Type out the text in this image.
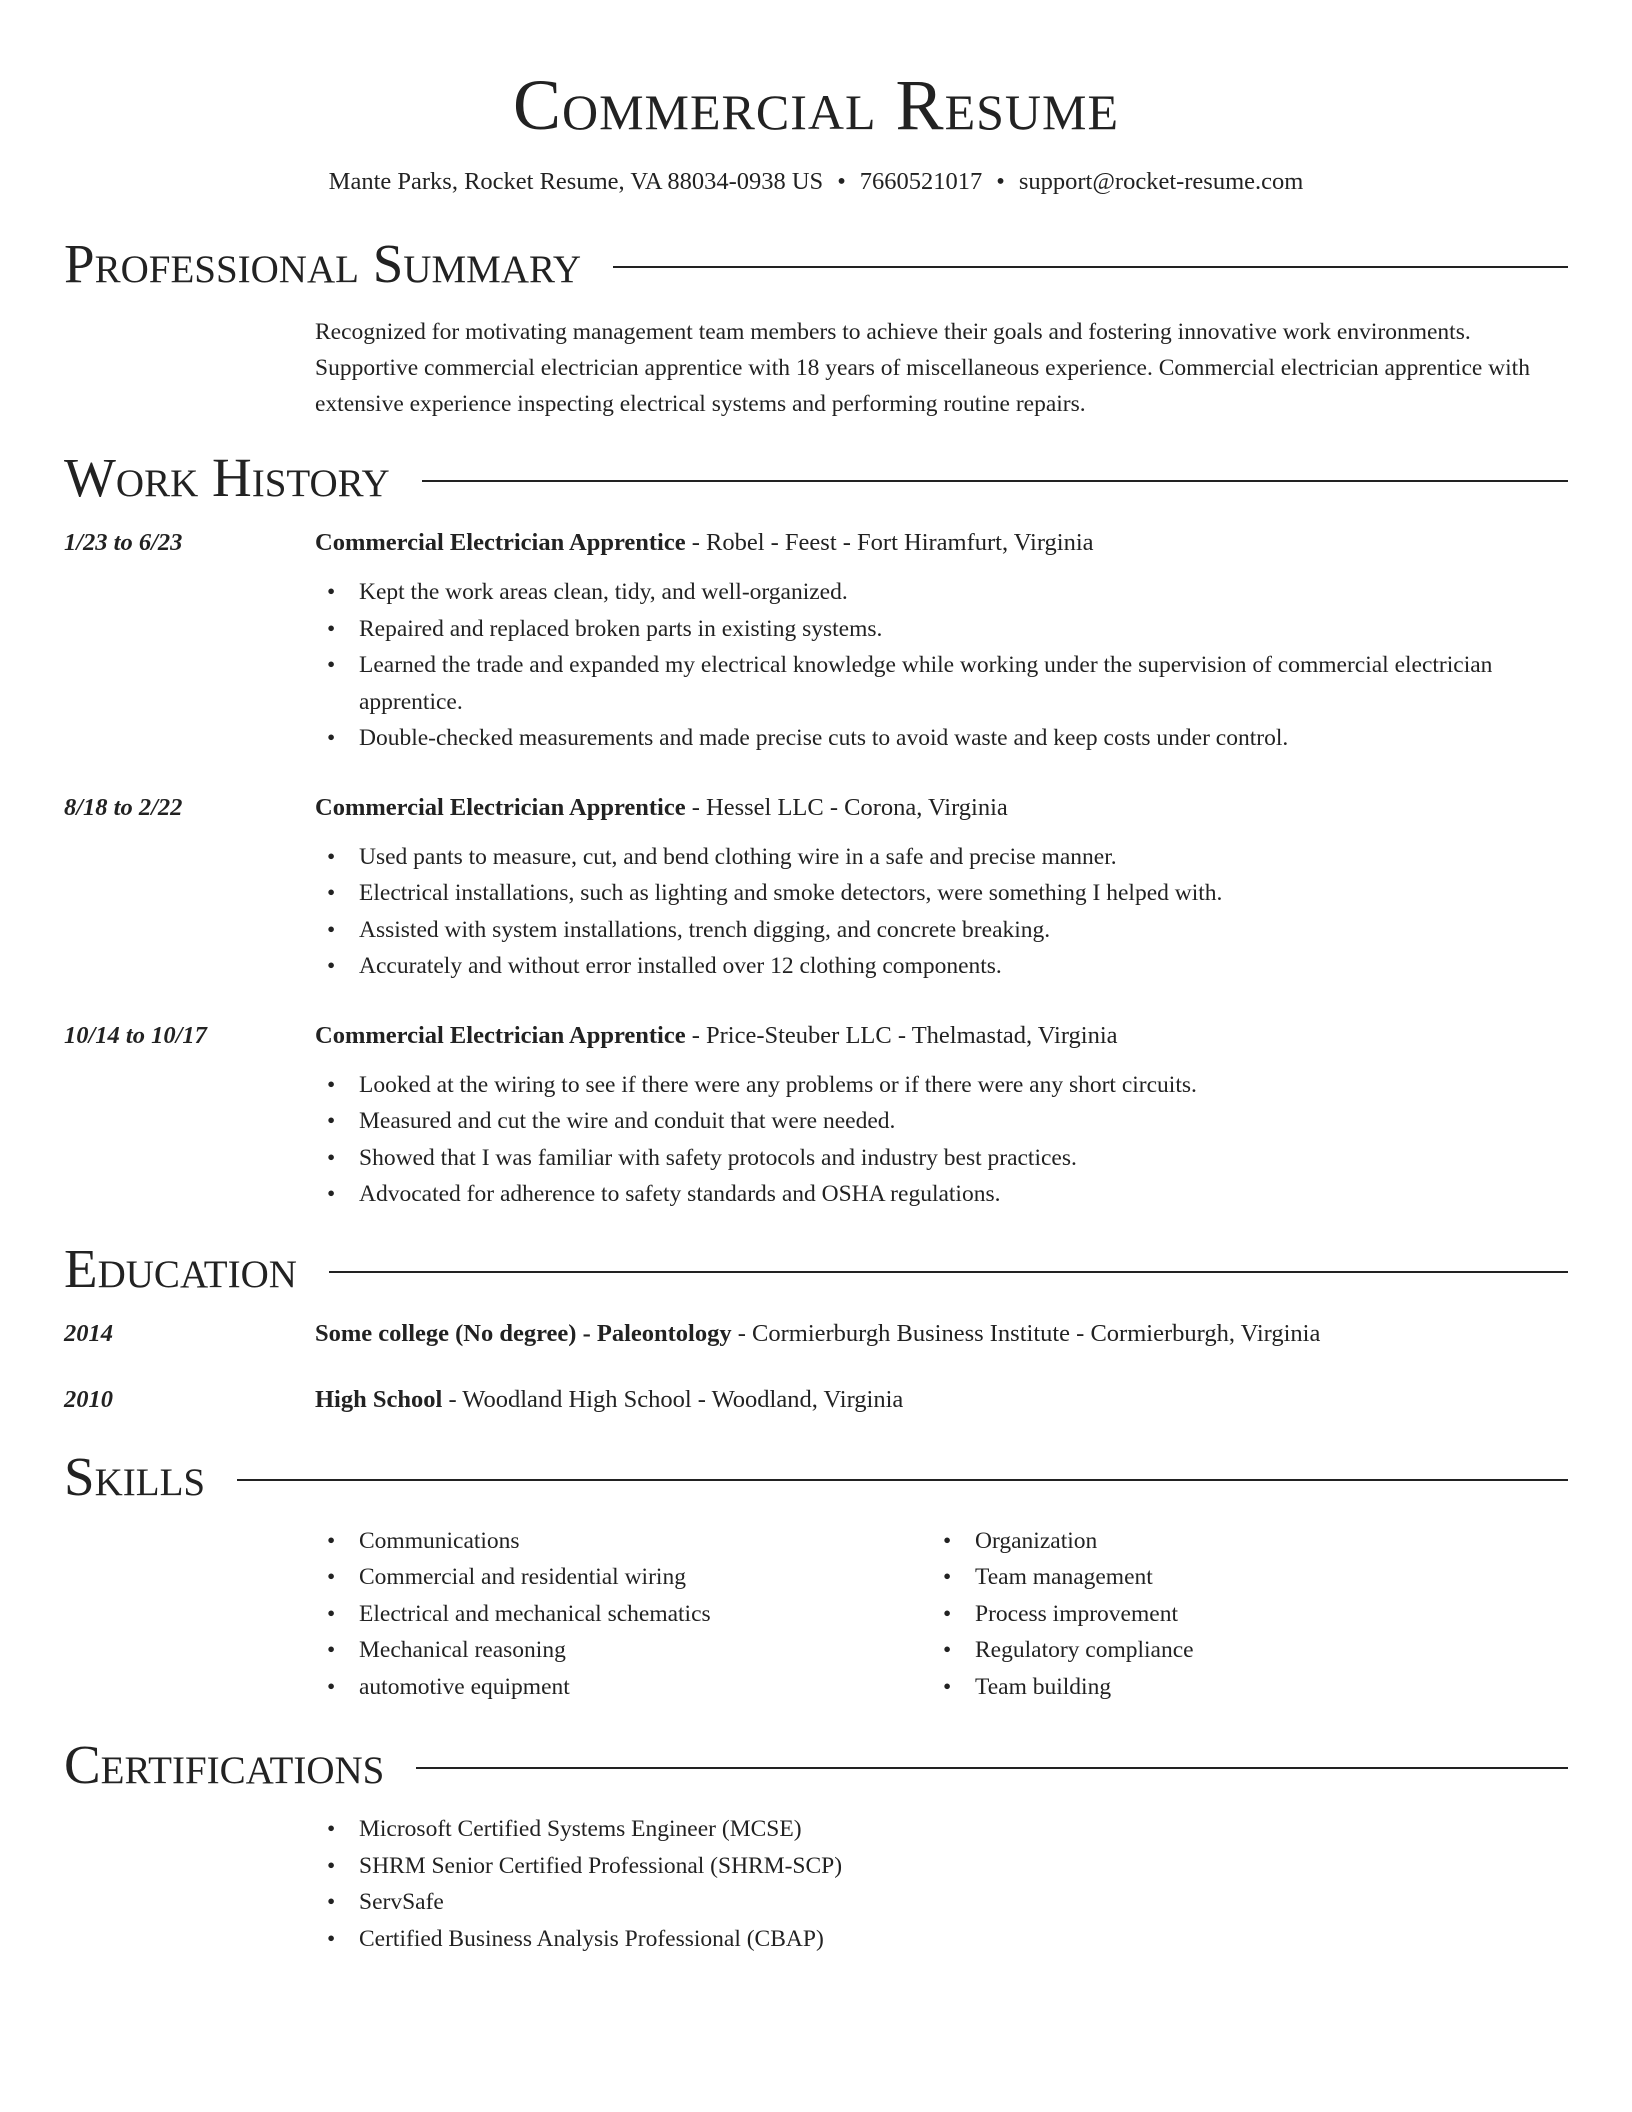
Commercial Resume
Mante Parks, Rocket Resume, VA 88034-0938 US • 7660521017 • support@rocket-resume.com
Professional Summary

Recognized for motivating management team members to achieve their goals and fostering innovative work environments. Supportive commercial electrician apprentice with 18 years of miscellaneous experience. Commercial electrician apprentice with extensive experience inspecting electrical systems and performing routine repairs.

Work History
1/23 to 6/23	Commercial Electrician Apprentice - Robel - Feest - Fort Hiramfurt, Virginia
• Kept the work areas clean, tidy, and well-organized.
• Repaired and replaced broken parts in existing systems.
• Learned the trade and expanded my electrical knowledge while working under the supervision of commercial electrician apprentice.
• Double-checked measurements and made precise cuts to avoid waste and keep costs under control.
8/18 to 2/22	Commercial Electrician Apprentice - Hessel LLC - Corona, Virginia
• Used pants to measure, cut, and bend clothing wire in a safe and precise manner.
• Electrical installations, such as lighting and smoke detectors, were something I helped with.
• Assisted with system installations, trench digging, and concrete breaking.
• Accurately and without error installed over 12 clothing components.
10/14 to 10/17	Commercial Electrician Apprentice - Price-Steuber LLC - Thelmastad, Virginia
• Looked at the wiring to see if there were any problems or if there were any short circuits.
• Measured and cut the wire and conduit that were needed.
• Showed that I was familiar with safety protocols and industry best practices.
• Advocated for adherence to safety standards and OSHA regulations.
Education
2014	Some college (No degree) - Paleontology - Cormierburgh Business Institute - Cormierburgh, Virginia
2010	High School - Woodland High School - Woodland, Virginia
Skills
• Communications
• Commercial and residential wiring
• Electrical and mechanical schematics
• Mechanical reasoning
• automotive equipment
• Organization
• Team management
• Process improvement
• Regulatory compliance
• Team building
Certifications
• Microsoft Certified Systems Engineer (MCSE)
• SHRM Senior Certified Professional (SHRM-SCP)
• ServSafe
• Certified Business Analysis Professional (CBAP)
